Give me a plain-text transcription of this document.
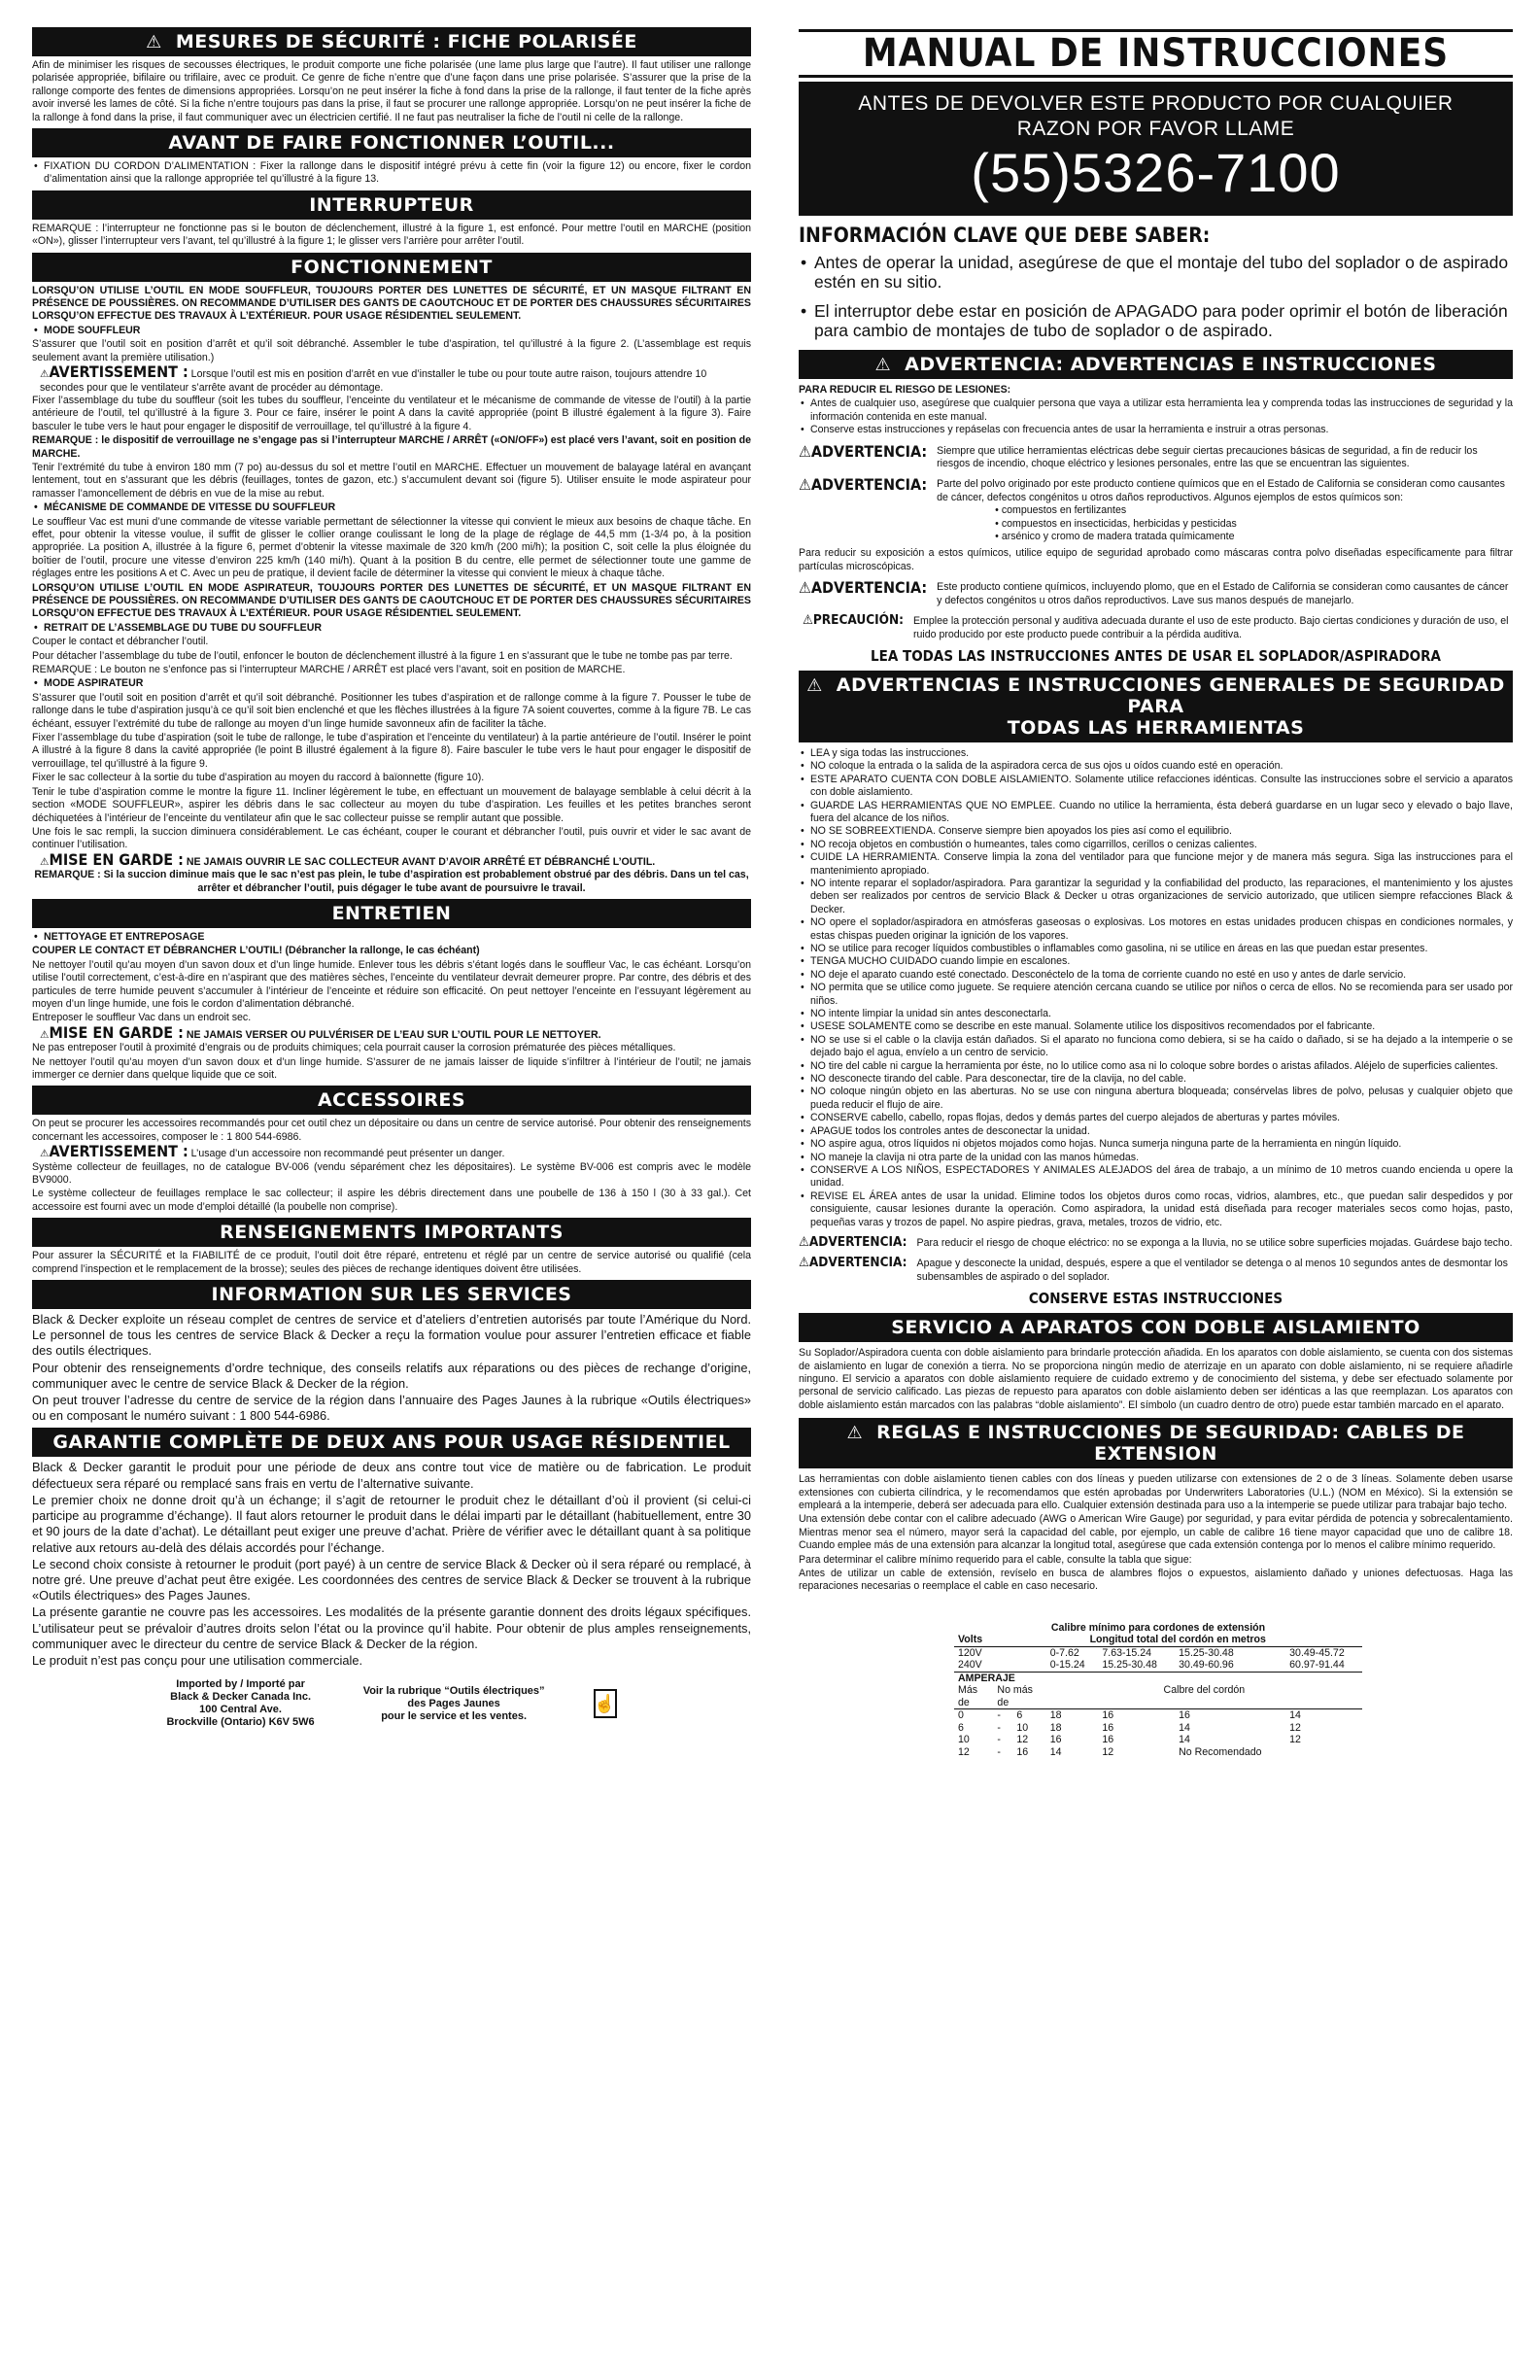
⚠ MESURES DE SÉCURITÉ : FICHE POLARISÉE

Afin de minimiser les risques de secousses électriques, le produit comporte une fiche polarisée (une lame plus large que l’autre). Il faut utiliser une rallonge polarisée appropriée, bifilaire ou trifilaire, avec ce produit. Ce genre de fiche n’entre que d’une façon dans une prise polarisée. S’assurer que la prise de la rallonge comporte des fentes de dimensions appropriées. Lorsqu’on ne peut insérer la fiche à fond dans la prise de la rallonge, il faut tenter de la fiche après avoir inversé les lames de côté. Si la fiche n’entre toujours pas dans la prise, il faut se procurer une rallonge appropriée. Lorsqu’on ne peut insérer la fiche de la rallonge à fond dans la prise, il faut communiquer avec un électricien certifié. Il ne faut pas neutraliser la fiche de l’outil ni celle de la rallonge.

AVANT DE FAIRE FONCTIONNER L’OUTIL...
• FIXATION DU CORDON D’ALIMENTATION : Fixer la rallonge dans le dispositif intégré prévu à cette fin (voir la figure 12) ou encore, fixer le cordon d’alimentation ainsi que la rallonge appropriée tel qu’illustré à la figure 13.
INTERRUPTEUR

REMARQUE : l’interrupteur ne fonctionne pas si le bouton de déclenchement, illustré à la figure 1, est enfoncé. Pour mettre l’outil en MARCHE (position «ON»), glisser l’interrupteur vers l’avant, tel qu’illustré à la figure 1; le glisser vers l’arrière pour arrêter l’outil.

FONCTIONNEMENT

LORSQU’ON UTILISE L’OUTIL EN MODE SOUFFLEUR, TOUJOURS PORTER DES LUNETTES DE SÉCURITÉ, ET UN MASQUE FILTRANT EN PRÉSENCE DE POUSSIÈRES. ON RECOMMANDE D’UTILISER DES GANTS DE CAOUTCHOUC ET DE PORTER DES CHAUSSURES SÉCURITAIRES LORSQU’ON EFFECTUE DES TRAVAUX À L’EXTÉRIEUR. POUR USAGE RÉSIDENTIEL SEULEMENT.

• MODE SOUFFLEUR

S’assurer que l’outil soit en position d’arrêt et qu’il soit débranché. Assembler le tube d’aspiration, tel qu’illustré à la figure 2. (L’assemblage est requis seulement avant la première utilisation.)

⚠AVERTISSEMENT : Lorsque l’outil est mis en position d’arrêt en vue d’installer le tube ou pour toute autre raison, toujours attendre 10 secondes pour que le ventilateur s’arrête avant de procéder au démontage.

Fixer l’assemblage du tube du souffleur (soit les tubes du souffleur, l’enceinte du ventilateur et le mécanisme de commande de vitesse de l’outil) à la partie antérieure de l’outil, tel qu’illustré à la figure 3. Pour ce faire, insérer le point A dans la cavité appropriée (point B illustré également à la figure 3). Faire basculer le tube vers le haut pour engager le dispositif de verrouillage, tel qu’illustré à la figure 4.

REMARQUE : le dispositif de verrouillage ne s’engage pas si l’interrupteur MARCHE / ARRÊT («ON/OFF») est placé vers l’avant, soit en position de MARCHE.

Tenir l’extrémité du tube à environ 180 mm (7 po) au-dessus du sol et mettre l’outil en MARCHE. Effectuer un mouvement de balayage latéral en avançant lentement, tout en s’assurant que les débris (feuillages, tontes de gazon, etc.) s’accumulent devant soi (figure 5). Utiliser ensuite le mode aspirateur pour ramasser l’amoncellement de débris en vue de la mise au rebut.

• MÉCANISME DE COMMANDE DE VITESSE DU SOUFFLEUR

Le souffleur Vac est muni d’une commande de vitesse variable permettant de sélectionner la vitesse qui convient le mieux aux besoins de chaque tâche. En effet, pour obtenir la vitesse voulue, il suffit de glisser le collier orange coulissant le long de la plage de réglage de 44,5 mm (1-3/4 po, à la position appropriée. La position A, illustrée à la figure 6, permet d’obtenir la vitesse maximale de 320 km/h (200 mi/h); la position C, soit celle la plus éloignée du boîtier de l’outil, procure une vitesse d’environ 225 km/h (140 mi/h). Quant à la position B du centre, elle permet de sélectionner toute une gamme de réglages entre les positions A et C. Avec un peu de pratique, il devient facile de déterminer la vitesse qui convient le mieux à chaque tâche.

LORSQU’ON UTILISE L’OUTIL EN MODE ASPIRATEUR, TOUJOURS PORTER DES LUNETTES DE SÉCURITÉ, ET UN MASQUE FILTRANT EN PRÉSENCE DE POUSSIÈRES. ON RECOMMANDE D’UTILISER DES GANTS DE CAOUTCHOUC ET DE PORTER DES CHAUSSURES SÉCURITAIRES LORSQU’ON EFFECTUE DES TRAVAUX À L’EXTÉRIEUR. POUR USAGE RÉSIDENTIEL SEULEMENT.

• RETRAIT DE L’ASSEMBLAGE DU TUBE DU SOUFFLEUR

Couper le contact et débrancher l’outil.

Pour détacher l’assemblage du tube de l’outil, enfoncer le bouton de déclenchement illustré à la figure 1 en s’assurant que le tube ne tombe pas par terre.

REMARQUE : Le bouton ne s’enfonce pas si l’interrupteur MARCHE / ARRÊT est placé vers l’avant, soit en position de MARCHE.

• MODE ASPIRATEUR

S’assurer que l’outil soit en position d’arrêt et qu’il soit débranché. Positionner les tubes d’aspiration et de rallonge comme à la figure 7. Pousser le tube de rallonge dans le tube d’aspiration jusqu’à ce qu’il soit bien enclenché et que les flèches illustrées à la figure 7A soient couvertes, comme à la figure 7B. Le cas échéant, essuyer l’extrémité du tube de rallonge au moyen d’un linge humide savonneux afin de faciliter la tâche.

Fixer l’assemblage du tube d’aspiration (soit le tube de rallonge, le tube d’aspiration et l’enceinte du ventilateur) à la partie antérieure de l’outil. Insérer le point A illustré à la figure 8 dans la cavité appropriée (le point B illustré également à la figure 8). Faire basculer le tube vers le haut pour engager le dispositif de verrouillage, tel qu’illustré à la figure 9.

Fixer le sac collecteur à la sortie du tube d’aspiration au moyen du raccord à baïonnette (figure 10).

Tenir le tube d’aspiration comme le montre la figure 11. Incliner légèrement le tube, en effectuant un mouvement de balayage semblable à celui décrit à la section «MODE SOUFFLEUR», aspirer les débris dans le sac collecteur au moyen du tube d’aspiration. Les feuilles et les petites branches seront déchiquetées à l’intérieur de l’enceinte du ventilateur afin que le sac collecteur puisse se remplir autant que possible.

Une fois le sac rempli, la succion diminuera considérablement. Le cas échéant, couper le courant et débrancher l’outil, puis ouvrir et vider le sac avant de continuer l’utilisation.

⚠MISE EN GARDE : NE JAMAIS OUVRIR LE SAC COLLECTEUR AVANT D’AVOIR ARRÊTÉ ET DÉBRANCHÉ L’OUTIL.

REMARQUE : Si la succion diminue mais que le sac n’est pas plein, le tube d’aspiration est probablement obstrué par des débris. Dans un tel cas, arrêter et débrancher l’outil, puis dégager le tube avant de poursuivre le travail.

ENTRETIEN
• NETTOYAGE ET ENTREPOSAGE

COUPER LE CONTACT ET DÉBRANCHER L’OUTIL! (Débrancher la rallonge, le cas échéant)

Ne nettoyer l’outil qu’au moyen d’un savon doux et d’un linge humide. Enlever tous les débris s’étant logés dans le souffleur Vac, le cas échéant. Lorsqu’on utilise l’outil correctement, c’est-à-dire en n’aspirant que des matières sèches, l’enceinte du ventilateur devrait demeurer propre. Par contre, des débris et des particules de terre humide peuvent s’accumuler à l’intérieur de l’enceinte et réduire son efficacité. On peut nettoyer l’enceinte en l’essuyant légèrement au moyen d’un linge humide, une fois le cordon d’alimentation débranché.

Entreposer le souffleur Vac dans un endroit sec.

⚠MISE EN GARDE : NE JAMAIS VERSER OU PULVÉRISER DE L’EAU SUR L’OUTIL POUR LE NETTOYER.

Ne pas entreposer l’outil à proximité d’engrais ou de produits chimiques; cela pourrait causer la corrosion prématurée des pièces métalliques.

Ne nettoyer l’outil qu’au moyen d’un savon doux et d’un linge humide. S’assurer de ne jamais laisser de liquide s’infiltrer à l’intérieur de l’outil; ne jamais immerger ce dernier dans quelque liquide que ce soit.

ACCESSOIRES

On peut se procurer les accessoires recommandés pour cet outil chez un dépositaire ou dans un centre de service autorisé. Pour obtenir des renseignements concernant les accessoires, composer le : 1 800 544-6986.

⚠AVERTISSEMENT : L’usage d’un accessoire non recommandé peut présenter un danger.

Système collecteur de feuillages, no de catalogue BV-006 (vendu séparément chez les dépositaires). Le système BV-006 est compris avec le modèle BV9000.

Le système collecteur de feuillages remplace le sac collecteur; il aspire les débris directement dans une poubelle de 136 à 150 l (30 à 33 gal.). Cet accessoire est fourni avec un mode d’emploi détaillé (la poubelle non comprise).

RENSEIGNEMENTS IMPORTANTS

Pour assurer la SÉCURITÉ et la FIABILITÉ de ce produit, l’outil doit être réparé, entretenu et réglé par un centre de service autorisé ou qualifié (cela comprend l’inspection et le remplacement de la brosse); seules des pièces de rechange identiques doivent être utilisées.

INFORMATION SUR LES SERVICES

Black & Decker exploite un réseau complet de centres de service et d’ateliers d’entretien autorisés par toute l’Amérique du Nord. Le personnel de tous les centres de service Black & Decker a reçu la formation voulue pour assurer l’entretien efficace et fiable des outils électriques.

Pour obtenir des renseignements d’ordre technique, des conseils relatifs aux réparations ou des pièces de rechange d’origine, communiquer avec le centre de service Black & Decker de la région.

On peut trouver l’adresse du centre de service de la région dans l’annuaire des Pages Jaunes à la rubrique «Outils électriques» ou en composant le numéro suivant : 1 800 544-6986.

GARANTIE COMPLÈTE DE DEUX ANS POUR USAGE RÉSIDENTIEL

Black & Decker garantit le produit pour une période de deux ans contre tout vice de matière ou de fabrication. Le produit défectueux sera réparé ou remplacé sans frais en vertu de l’alternative suivante.

Le premier choix ne donne droit qu’à un échange; il s’agit de retourner le produit chez le détaillant d’où il provient (si celui-ci participe au programme d’échange). Il faut alors retourner le produit dans le délai imparti par le détaillant (habituellement, entre 30 et 90 jours de la date d’achat). Le détaillant peut exiger une preuve d’achat. Prière de vérifier avec le détaillant quant à sa politique relative aux retours au-delà des délais accordés pour l’échange.

Le second choix consiste à retourner le produit (port payé) à un centre de service Black & Decker où il sera réparé ou remplacé, à notre gré. Une preuve d’achat peut être exigée. Les coordonnées des centres de service Black & Decker se trouvent à la rubrique «Outils électriques» des Pages Jaunes.

La présente garantie ne couvre pas les accessoires. Les modalités de la présente garantie donnent des droits légaux spécifiques. L’utilisateur peut se prévaloir d’autres droits selon l’état ou la province qu’il habite. Pour obtenir de plus amples renseignements, communiquer avec le directeur du centre de service Black & Decker de la région.

Le produit n’est pas conçu pour une utilisation commerciale.

Imported by / Importé par
Black & Decker Canada Inc.
100 Central Ave.
Brockville (Ontario) K6V 5W6
Voir la rubrique “Outils électriques”
des Pages Jaunes
pour le service et les ventes.
☝
MANUAL DE INSTRUCCIONES
ANTES DE DEVOLVER ESTE PRODUCTO POR CUALQUIER
RAZON POR FAVOR LLAME
(55)5326-7100
INFORMACIÓN CLAVE QUE DEBE SABER:
• Antes de operar la unidad, asegúrese de que el montaje del tubo del soplador o de aspirado estén en su sitio.
• El interruptor debe estar en posición de APAGADO para poder oprimir el botón de liberación para cambio de montajes de tubo de soplador o de aspirado.
⚠ ADVERTENCIA: ADVERTENCIAS E INSTRUCCIONES

PARA REDUCIR EL RIESGO DE LESIONES:

• Antes de cualquier uso, asegúrese que cualquier persona que vaya a utilizar esta herramienta lea y comprenda todas las instrucciones de seguridad y la información contenida en este manual.
• Conserve estas instrucciones y repáselas con frecuencia antes de usar la herramienta e instruir a otras personas.
⚠ADVERTENCIA: Siempre que utilice herramientas eléctricas debe seguir ciertas precauciones básicas de seguridad, a fin de reducir los riesgos de incendio, choque eléctrico y lesiones personales, entre las que se encuentran las siguientes.
⚠ADVERTENCIA: Parte del polvo originado por este producto contiene químicos que en el Estado de California se consideran como causantes de cáncer, defectos congénitos u otros daños reproductivos. Algunos ejemplos de estos químicos son:
• compuestos en fertilizantes
• compuestos en insecticidas, herbicidas y pesticidas
• arsénico y cromo de madera tratada químicamente

Para reducir su exposición a estos químicos, utilice equipo de seguridad aprobado como máscaras contra polvo diseñadas específicamente para filtrar partículas microscópicas.

⚠ADVERTENCIA: Este producto contiene químicos, incluyendo plomo, que en el Estado de California se consideran como causantes de cáncer y defectos congénitos u otros daños reproductivos. Lave sus manos después de manejarlo.
⚠PRECAUCIÓN: Emplee la protección personal y auditiva adecuada durante el uso de este producto. Bajo ciertas condiciones y duración de uso, el ruido producido por este producto puede contribuir a la pérdida auditiva.
LEA TODAS LAS INSTRUCCIONES ANTES DE USAR EL SOPLADOR/ASPIRADORA
⚠ ADVERTENCIAS E INSTRUCCIONES GENERALES DE SEGURIDAD PARA
TODAS LAS HERRAMIENTAS
• LEA y siga todas las instrucciones.
• NO coloque la entrada o la salida de la aspiradora cerca de sus ojos u oídos cuando esté en operación.
• ESTE APARATO CUENTA CON DOBLE AISLAMIENTO. Solamente utilice refacciones idénticas. Consulte las instrucciones sobre el servicio a aparatos con doble aislamiento.
• GUARDE LAS HERRAMIENTAS QUE NO EMPLEE. Cuando no utilice la herramienta, ésta deberá guardarse en un lugar seco y elevado o bajo llave, fuera del alcance de los niños.
• NO SE SOBREEXTIENDA. Conserve siempre bien apoyados los pies así como el equilibrio.
• NO recoja objetos en combustión o humeantes, tales como cigarrillos, cerillos o cenizas calientes.
• CUIDE LA HERRAMIENTA. Conserve limpia la zona del ventilador para que funcione mejor y de manera más segura. Siga las instrucciones para el mantenimiento apropiado.
• NO intente reparar el soplador/aspiradora. Para garantizar la seguridad y la confiabilidad del producto, las reparaciones, el mantenimiento y los ajustes deben ser realizados por centros de servicio Black & Decker u otras organizaciones de servicio autorizado, que utilicen siempre refacciones Black & Decker.
• NO opere el soplador/aspiradora en atmósferas gaseosas o explosivas. Los motores en estas unidades producen chispas en condiciones normales, y estas chispas pueden originar la ignición de los vapores.
• NO se utilice para recoger líquidos combustibles o inflamables como gasolina, ni se utilice en áreas en las que puedan estar presentes.
• TENGA MUCHO CUIDADO cuando limpie en escalones.
• NO deje el aparato cuando esté conectado. Desconéctelo de la toma de corriente cuando no esté en uso y antes de darle servicio.
• NO permita que se utilice como juguete. Se requiere atención cercana cuando se utilice por niños o cerca de ellos. No se recomienda para ser usado por niños.
• NO intente limpiar la unidad sin antes desconectarla.
• USESE SOLAMENTE como se describe en este manual. Solamente utilice los dispositivos recomendados por el fabricante.
• NO se use si el cable o la clavija están dañados. Si el aparato no funciona como debiera, si se ha caído o dañado, si se ha dejado a la intemperie o se dejado bajo el agua, envíelo a un centro de servicio.
• NO tire del cable ni cargue la herramienta por éste, no lo utilice como asa ni lo coloque sobre bordes o aristas afilados. Aléjelo de superficies calientes.
• NO desconecte tirando del cable. Para desconectar, tire de la clavija, no del cable.
• NO coloque ningún objeto en las aberturas. No se use con ninguna abertura bloqueada; consérvelas libres de polvo, pelusas y cualquier objeto que pueda reducir el flujo de aire.
• CONSERVE cabello, cabello, ropas flojas, dedos y demás partes del cuerpo alejados de aberturas y partes móviles.
• APAGUE todos los controles antes de desconectar la unidad.
• NO aspire agua, otros líquidos ni objetos mojados como hojas. Nunca sumerja ninguna parte de la herramienta en ningún líquido.
• NO maneje la clavija ni otra parte de la unidad con las manos húmedas.
• CONSERVE A LOS NIÑOS, ESPECTADORES Y ANIMALES ALEJADOS del área de trabajo, a un mínimo de 10 metros cuando encienda u opere la unidad.
• REVISE EL ÁREA antes de usar la unidad. Elimine todos los objetos duros como rocas, vidrios, alambres, etc., que puedan salir despedidos y por consiguiente, causar lesiones durante la operación. Como aspiradora, la unidad está diseñada para recoger materiales secos como hojas, pasto, pequeñas varas y trozos de papel. No aspire piedras, grava, metales, trozos de vidrio, etc.
⚠ADVERTENCIA: Para reducir el riesgo de choque eléctrico: no se exponga a la lluvia, no se utilice sobre superficies mojadas. Guárdese bajo techo.
⚠ADVERTENCIA: Apague y desconecte la unidad, después, espere a que el ventilador se detenga o al menos 10 segundos antes de desmontar los subensambles de aspirado o del soplador.
CONSERVE ESTAS INSTRUCCIONES
SERVICIO A APARATOS CON DOBLE AISLAMIENTO

Su Soplador/Aspiradora cuenta con doble aislamiento para brindarle protección añadida. En los aparatos con doble aislamiento, se cuenta con dos sistemas de aislamiento en lugar de conexión a tierra. No se proporciona ningún medio de aterrizaje en un aparato con doble aislamiento, ni se requiere añadirle ninguno. El servicio a aparatos con doble aislamiento requiere de cuidado extremo y de conocimiento del sistema, y debe ser efectuado solamente por personal de servicio calificado. Las piezas de repuesto para aparatos con doble aislamiento deben ser idénticas a las que reemplazan. Los aparatos con doble aislamiento están marcados con las palabras “doble aislamiento”. El símbolo (un cuadro dentro de otro) puede estar también marcado en el aparato.

⚠ REGLAS E INSTRUCCIONES DE SEGURIDAD: CABLES DE EXTENSION

Las herramientas con doble aislamiento tienen cables con dos líneas y pueden utilizarse con extensiones de 2 o de 3 líneas. Solamente deben usarse extensiones con cubierta cilíndrica, y le recomendamos que estén aprobadas por Underwriters Laboratories (U.L.) (NOM en México). Si la extensión se empleará a la intemperie, deberá ser adecuada para ello. Cualquier extensión destinada para uso a la intemperie se puede utilizar para trabajar bajo techo.

Una extensión debe contar con el calibre adecuado (AWG o American Wire Gauge) por seguridad, y para evitar pérdida de potencia y sobrecalentamiento. Mientras menor sea el número, mayor será la capacidad del cable, por ejemplo, un cable de calibre 16 tiene mayor capacidad que uno de calibre 18. Cuando emplee más de una extensión para alcanzar la longitud total, asegúrese que cada extensión contenga por lo menos el calibre mínimo requerido.

Para determinar el calibre mínimo requerido para el cable, consulte la tabla que sigue:

Antes de utilizar un cable de extensión, revíselo en busca de alambres flojos o expuestos, aislamiento dañado y uniones defectuosas. Haga las reparaciones necesarias o reemplace el cable en caso necesario.

Calibre mínimo para cordones de extensión						
Volts	Longitud total del cordón en metros					
120V			0-7.62	7.63-15.24	15.25-30.48	30.49-45.72
240V			0-15.24	15.25-30.48	30.49-60.96	60.97-91.44
AMPERAJE						
Más	No más		Calbre del cordón			
de	de					
0	-	6	18	16	16	14
6	-	10	18	16	14	12
10	-	12	16	16	14	12
12	-	16	14	12	No Recomendado	
